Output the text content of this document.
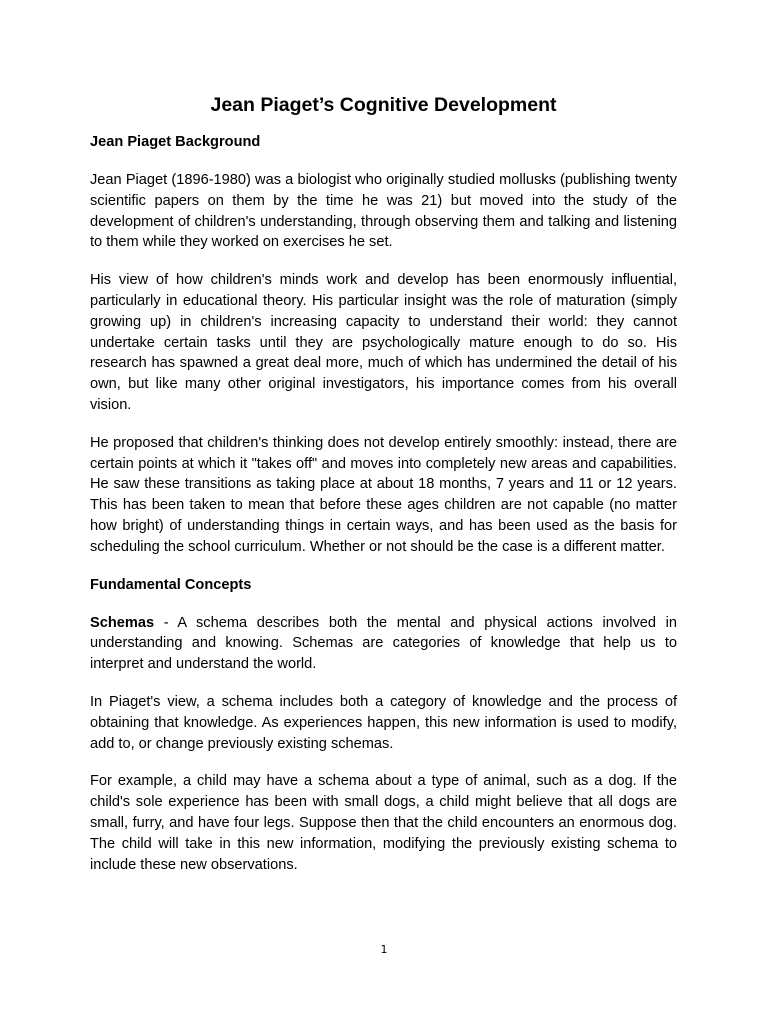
Jean Piaget’s Cognitive Development
Jean Piaget Background

Jean Piaget (1896-1980) was a biologist who originally studied mollusks (publishing twenty scientific papers on them by the time he was 21) but moved into the study of the development of children's understanding, through observing them and talking and listening to them while they worked on exercises he set.

His view of how children's minds work and develop has been enormously influential, particularly in educational theory. His particular insight was the role of maturation (simply growing up) in children's increasing capacity to understand their world: they cannot undertake certain tasks until they are psychologically mature enough to do so. His research has spawned a great deal more, much of which has undermined the detail of his own, but like many other original investigators, his importance comes from his overall vision.

He proposed that children's thinking does not develop entirely smoothly: instead, there are certain points at which it "takes off" and moves into completely new areas and capabilities. He saw these transitions as taking place at about 18 months, 7 years and 11 or 12 years. This has been taken to mean that before these ages children are not capable (no matter how bright) of understanding things in certain ways, and has been used as the basis for scheduling the school curriculum. Whether or not should be the case is a different matter.

Fundamental Concepts

Schemas - A schema describes both the mental and physical actions involved in understanding and knowing. Schemas are categories of knowledge that help us to interpret and understand the world.

In Piaget's view, a schema includes both a category of knowledge and the process of obtaining that knowledge. As experiences happen, this new information is used to modify, add to, or change previously existing schemas.

For example, a child may have a schema about a type of animal, such as a dog. If the child's sole experience has been with small dogs, a child might believe that all dogs are small, furry, and have four legs. Suppose then that the child encounters an enormous dog. The child will take in this new information, modifying the previously existing schema to include these new observations.

1
